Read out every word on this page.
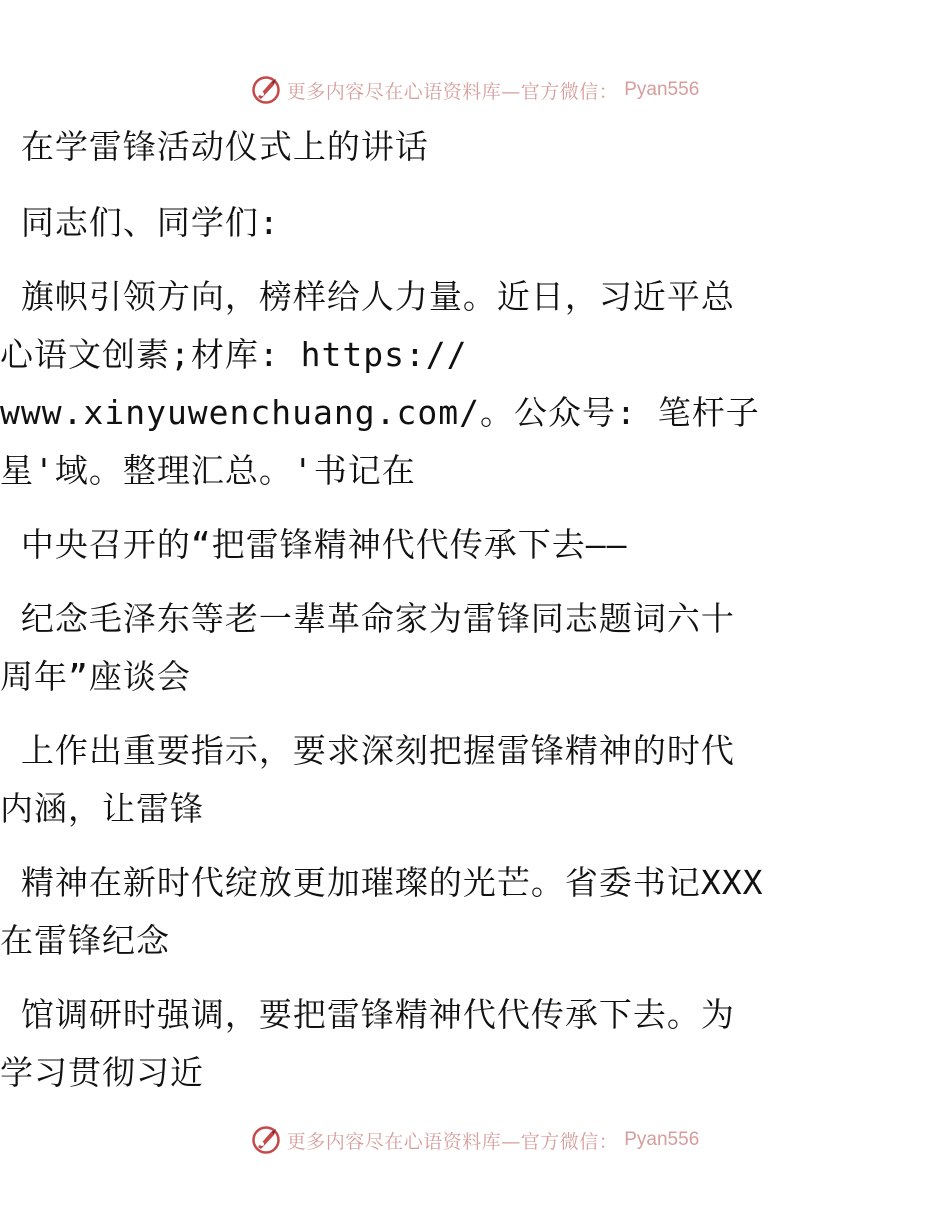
更多内容尽在心语资料库—官方微信： Pyan556
在学雷锋活动仪式上的讲话
同志们、同学们:
旗帜引领方向，榜样给人力量。近日，习近平总
心语文创素;材库: https://
www.xinyuwenchuang.com/。公众号: 笔杆子
星'域。整理汇总。'书记在
中央召开的“把雷锋精神代代传承下去——
纪念毛泽东等老一辈革命家为雷锋同志题词六十
周年”座谈会
上作出重要指示，要求深刻把握雷锋精神的时代
内涵，让雷锋
精神在新时代绽放更加璀璨的光芒。省委书记XXX
在雷锋纪念
馆调研时强调，要把雷锋精神代代传承下去。为
学习贯彻习近
更多内容尽在心语资料库—官方微信： Pyan556
